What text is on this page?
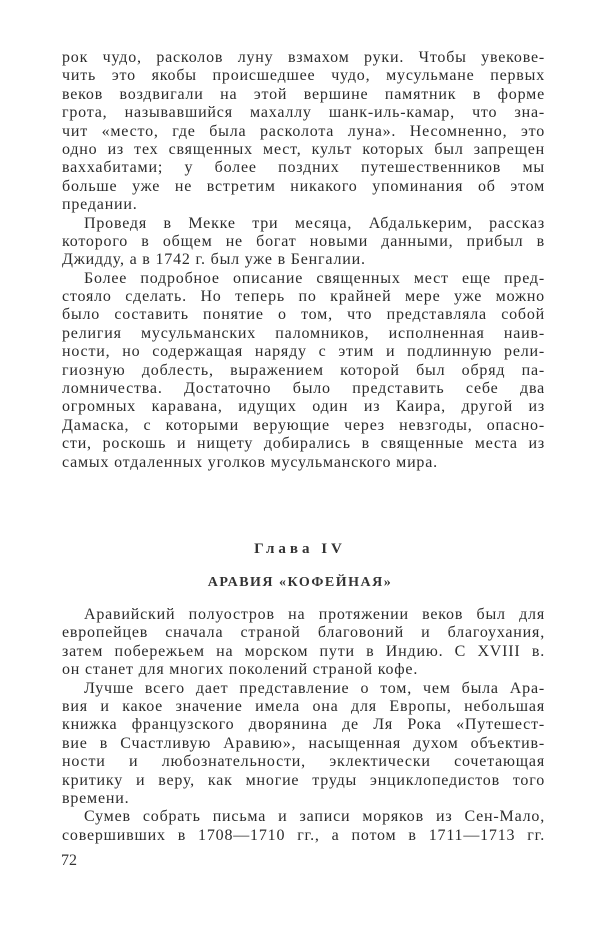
рок чудо, расколов луну взмахом руки. Чтобы увекове-
чить это якобы происшедшее чудо, мусульмане первых
веков воздвигали на этой вершине памятник в форме
грота, называвшийся махаллу шанк-иль-камар, что зна-
чит «место, где была расколота луна». Несомненно, это
одно из тех священных мест, культ которых был запрещен
ваххабитами; у более поздних путешественников мы
больше уже не встретим никакого упоминания об этом
предании.
Проведя в Мекке три месяца, Абдалькерим, рассказ
которого в общем не богат новыми данными, прибыл в
Джидду, а в 1742 г. был уже в Бенгалии.
Более подробное описание священных мест еще пред-
стояло сделать. Но теперь по крайней мере уже можно
было составить понятие о том, что представляла собой
религия мусульманских паломников, исполненная наив-
ности, но содержащая наряду с этим и подлинную рели-
гиозную доблесть, выражением которой был обряд па-
ломничества. Достаточно было представить себе два
огромных каравана, идущих один из Каира, другой из
Дамаска, с которыми верующие через невзгоды, опасно-
сти, роскошь и нищету добирались в священные места из
самых отдаленных уголков мусульманского мира.
Глава IV
АРАВИЯ «КОФЕЙНАЯ»
Аравийский полуостров на протяжении веков был для
европейцев сначала страной благовоний и благоухания,
затем побережьем на морском пути в Индию. С XVIII в.
он станет для многих поколений страной кофе.
Лучше всего дает представление о том, чем была Ара-
вия и какое значение имела она для Европы, небольшая
книжка французского дворянина де Ля Рока «Путешест-
вие в Счастливую Аравию», насыщенная духом объектив-
ности и любознательности, эклектически сочетающая
критику и веру, как многие труды энциклопедистов того
времени.
Сумев собрать письма и записи моряков из Сен-Мало,
совершивших в 1708—1710 гг., а потом в 1711—1713 гг.
72
